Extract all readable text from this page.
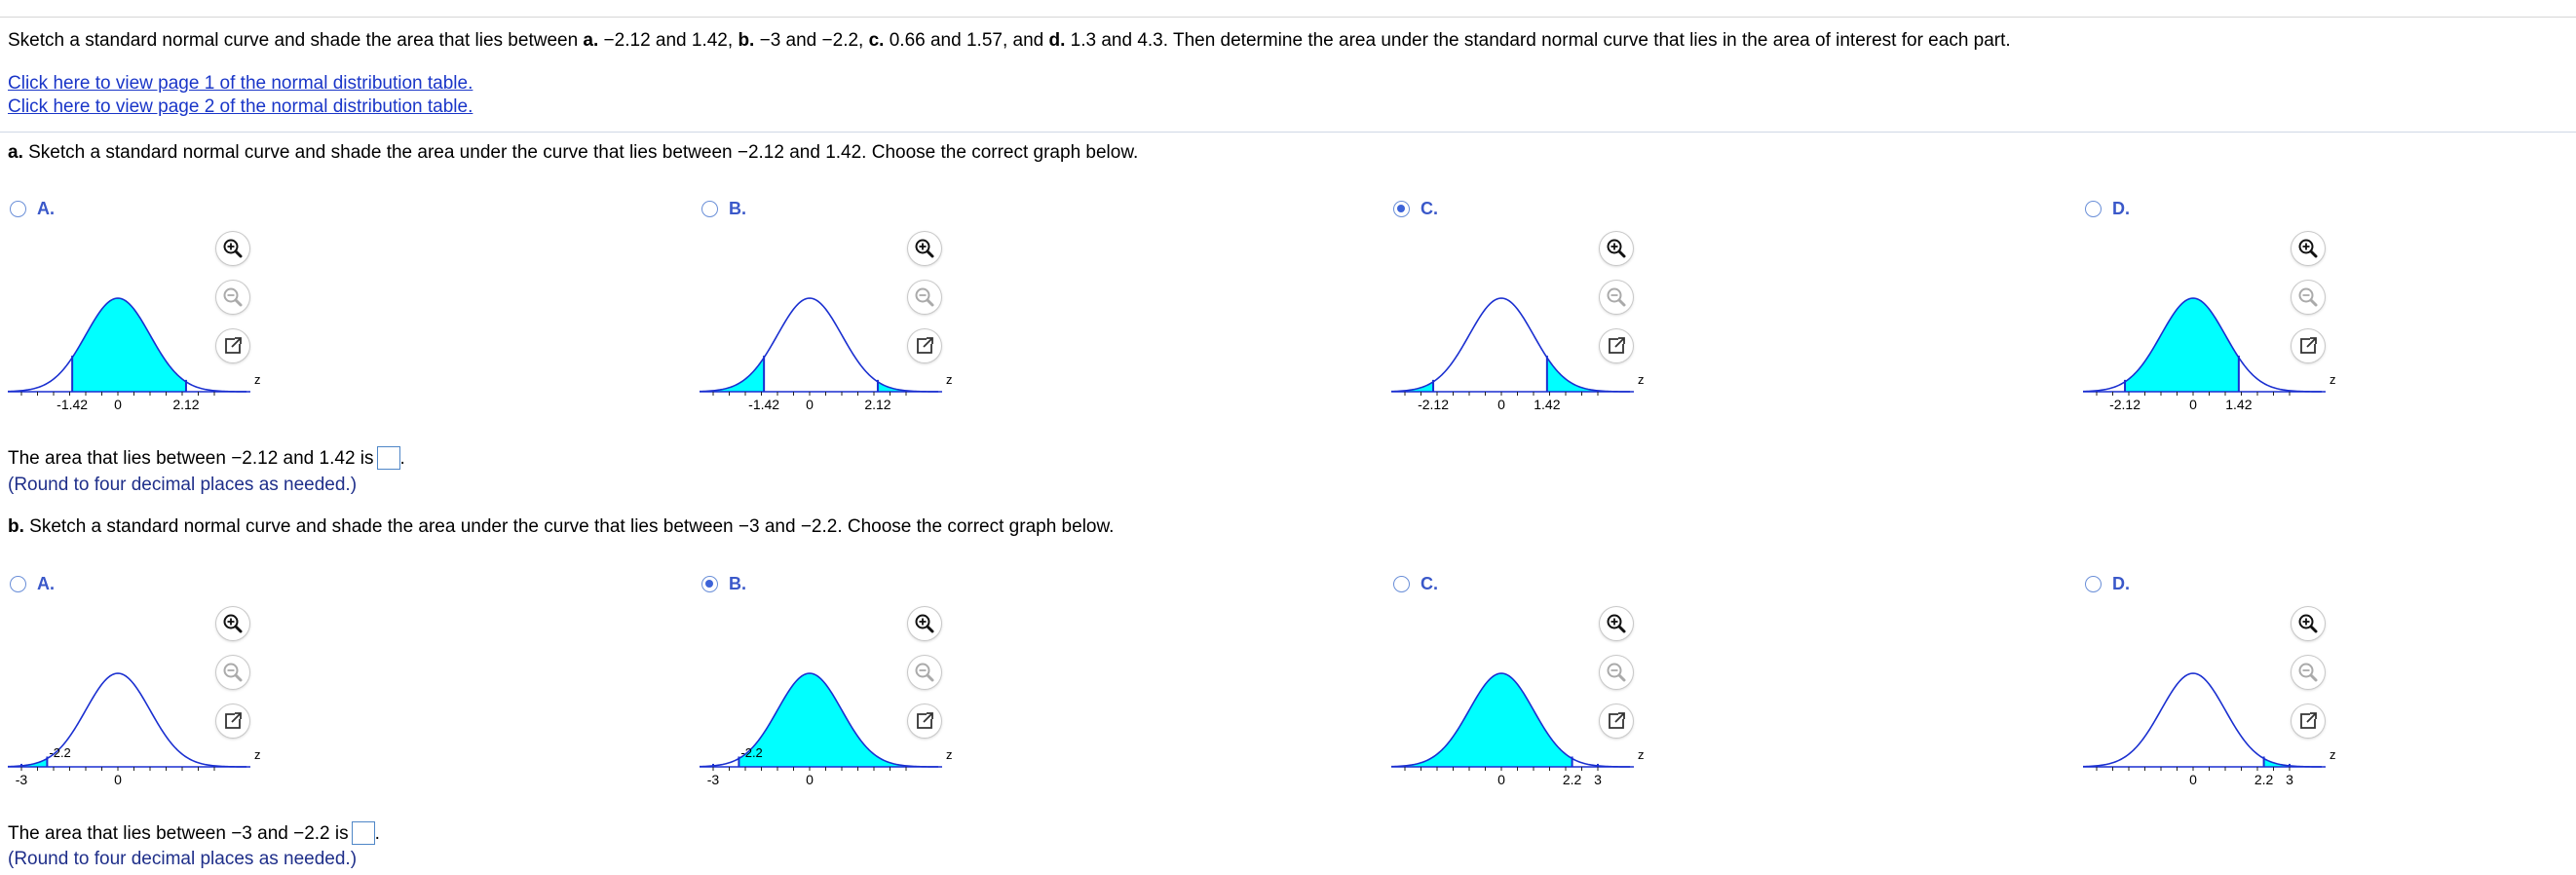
Sketch a standard normal curve and shade the area that lies between a. −2.12 and 1.42, b. −3 and −2.2, c. 0.66 and 1.57, and d. 1.3 and 4.3. Then determine the area under the standard normal curve that lies in the area of interest for each part.
Click here to view page 1 of the normal distribution table.
Click here to view page 2 of the normal distribution table.
a. Sketch a standard normal curve and shade the area under the curve that lies between −2.12 and 1.42. Choose the correct graph below.
A.
-1.42 0	2.12
z
B.
-1.42 0	2.12
z
C.
-2.12	0 1.42
z
D.
-2.12	0 1.42
z
The area that lies between −2.12 and 1.42 is .
(Round to four decimal places as needed.)
b. Sketch a standard normal curve and shade the area under the curve that lies between −3 and −2.2. Choose the correct graph below.
A.
-3	0
-2.2	z
B.
-3	0
-2.2	z
C.
0	2.2 3
z
D.
0	2.2 3
z
The area that lies between −3 and −2.2 is .
(Round to four decimal places as needed.)
